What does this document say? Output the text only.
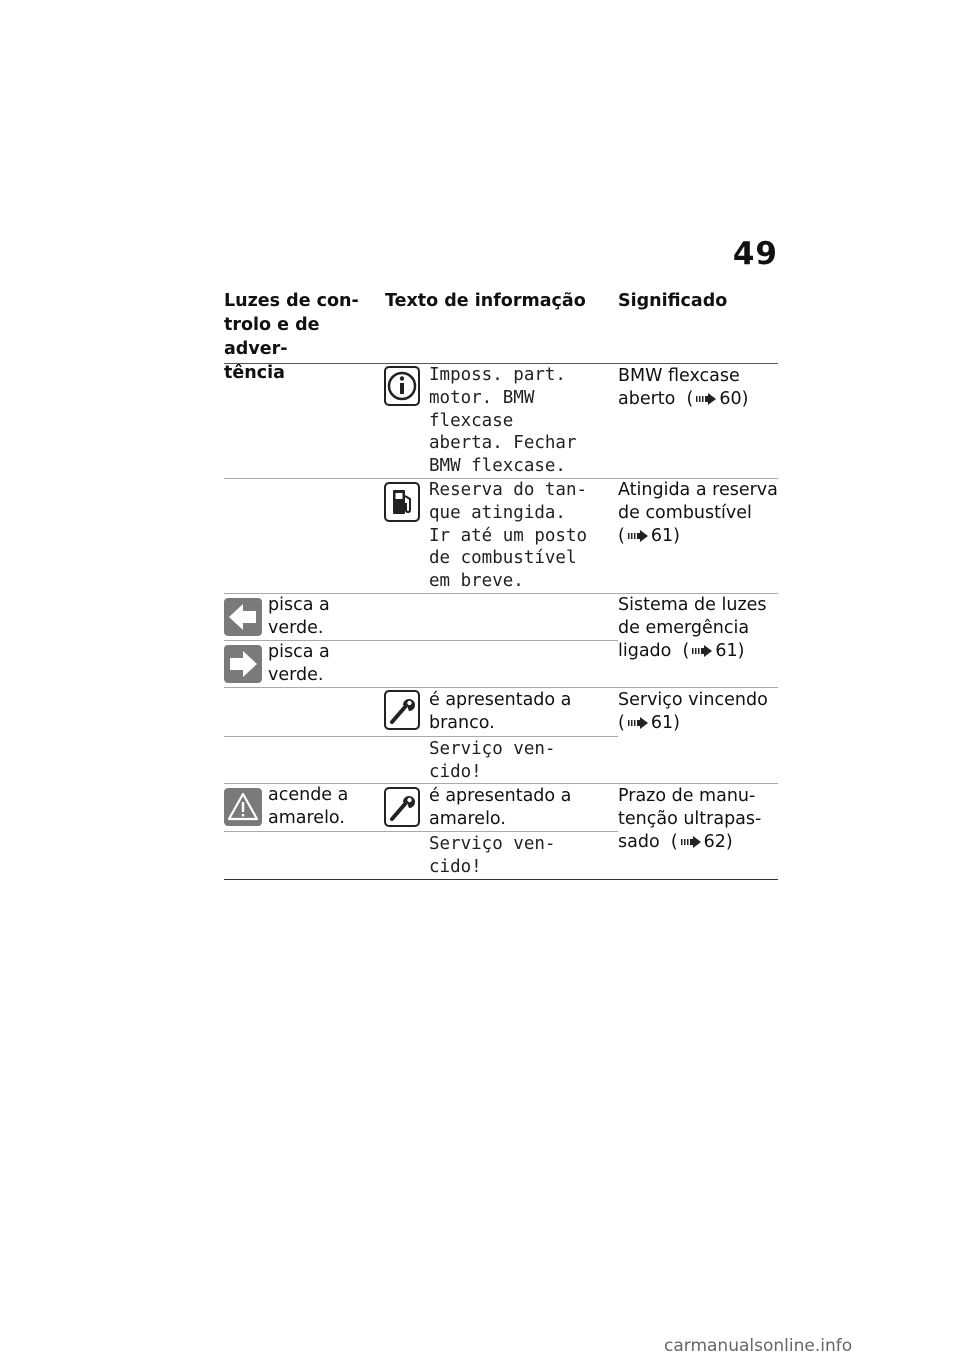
49
Luzes de con-
trolo e de adver-
tência
Texto de informação Significado
Imposs. part.
motor. BMW
flexcase
aberta. Fechar
BMW flexcase.
BMW flexcase
aberto ( 60)
Reserva do tan-
que atingida.
Ir até um posto
de combustível
em breve.
Atingida a reserva
de combustível
( 61)
pisca a
verde.
pisca a
verde.
Sistema de luzes
de emergência
ligado ( 61)
é apresentado a
branco.
Serviço ven-
cido!
Serviço vincendo
( 61)
acende a
amarelo.
é apresentado a
amarelo.
Serviço ven-
cido!
Prazo de manu-
tenção ultrapas-
sado ( 62)
carmanualsonline.info
